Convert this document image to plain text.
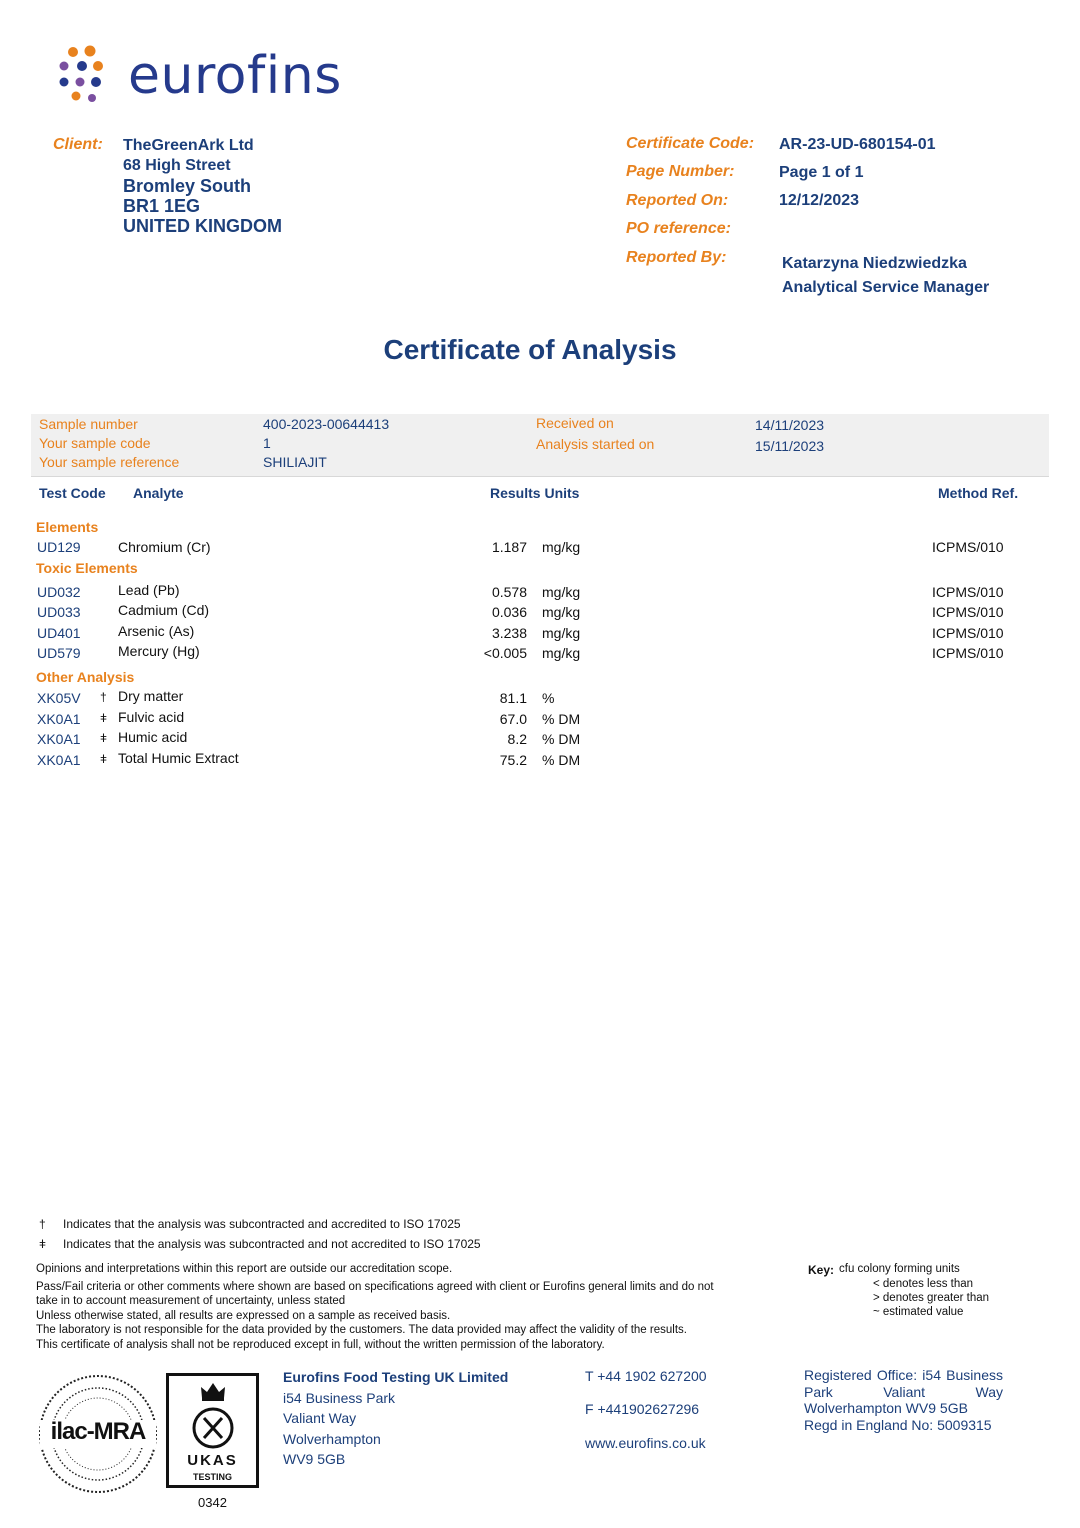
eurofins
Client: TheGreenArk Ltd
68 High Street
Bromley South
BR1 1EG
UNITED KINGDOM
Certificate Code: AR-23-UD-680154-01
Page Number:	Page 1 of 1
Reported On:	12/12/2023
PO reference:
Reported By:	Katarzyna Niedzwiedzka
Analytical Service Manager
Certificate of Analysis
Sample number	400-2023-00644413
Your sample code	1
Your sample reference	SHILIAJIT
Received on	14/11/2023
Analysis started on	15/11/2023
Test Code Analyte	Results Units	Method Ref.
Elements
UD129	Chromium (Cr)	1.187 mg/kg	ICPMS/010
Toxic Elements
UD032	Lead (Pb)	0.578 mg/kg	ICPMS/010
UD033	Cadmium (Cd)	0.036 mg/kg	ICPMS/010
UD401	Arsenic (As)	3.238 mg/kg	ICPMS/010
UD579	Mercury (Hg)	<0.005 mg/kg	ICPMS/010
Other Analysis
XK05V † Dry matter	81.1 %
XK0A1 ǂ Fulvic acid	67.0 % DM
XK0A1 ǂ Humic acid	8.2 % DM
XK0A1 ǂ Total Humic Extract	75.2 % DM
† Indicates that the analysis was subcontracted and accredited to ISO 17025
ǂ Indicates that the analysis was subcontracted and not accredited to ISO 17025
Opinions and interpretations within this report are outside our accreditation scope.
Pass/Fail criteria or other comments where shown are based on specifications agreed with client or Eurofins general limits and do not
take in to account measurement of uncertainty, unless stated
Unless otherwise stated, all results are expressed on a sample as received basis.
The laboratory is not responsible for the data provided by the customers. The data provided may affect the validity of the results.
This certificate of analysis shall not be reproduced except in full, without the written permission of the laboratory.
Key: cfu colony forming units
< denotes less than
> denotes greater than
~ estimated value
ilac-MRA
UKAS
TESTING
0342
Eurofins Food Testing UK Limited
i54 Business Park
Valiant Way
Wolverhampton
WV9 5GB
T +44 1902 627200
F +441902627296
www.eurofins.co.uk
Registered Office: i54 Business Park Valiant Way Wolverhampton WV9 5GB
Regd in England No: 5009315
